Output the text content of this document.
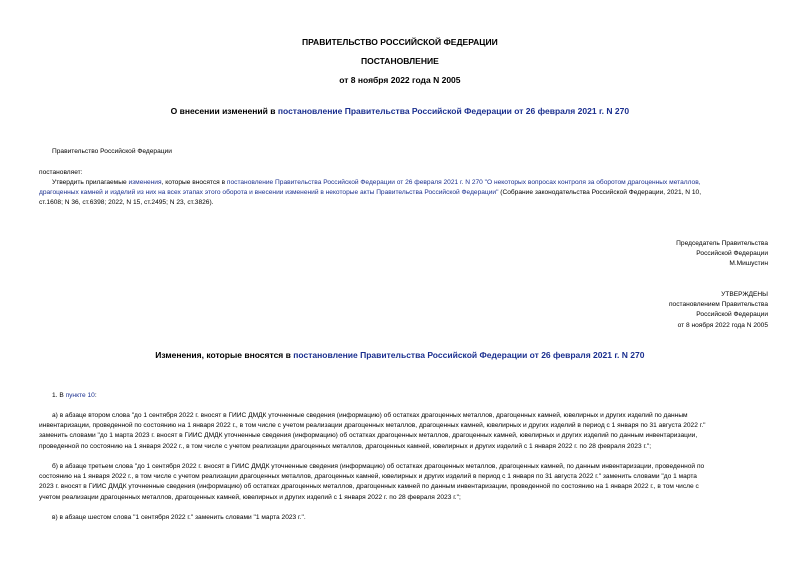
ПРАВИТЕЛЬСТВО РОССИЙСКОЙ ФЕДЕРАЦИИ
ПОСТАНОВЛЕНИЕ
от 8 ноября 2022 года N 2005
О внесении изменений в постановление Правительства Российской Федерации от 26 февраля 2021 г. N 270
Правительство Российской Федерации
постановляет:
Утвердить прилагаемые изменения, которые вносятся в постановление Правительства Российской Федерации от 26 февраля 2021 г. N 270 "О некоторых вопросах контроля за оборотом драгоценных металлов,
драгоценных камней и изделий из них на всех этапах этого оборота и внесении изменений в некоторые акты Правительства Российской Федерации" (Собрание законодательства Российской Федерации, 2021, N 10,
ст.1608; N 36, ст.6398; 2022, N 15, ст.2495; N 23, ст.3826).
Председатель Правительства
Российской Федерации
М.Мишустин
УТВЕРЖДЕНЫ
постановлением Правительства
Российской Федерации
от 8 ноября 2022 года N 2005
Изменения, которые вносятся в постановление Правительства Российской Федерации от 26 февраля 2021 г. N 270
1. В пункте 10:
а) в абзаце втором слова "до 1 сентября 2022 г. вносят в ГИИС ДМДК уточненные сведения (информацию) об остатках драгоценных металлов, драгоценных камней, ювелирных и других изделий по данным
инвентаризации, проведенной по состоянию на 1 января 2022 г., в том числе с учетом реализации драгоценных металлов, драгоценных камней, ювелирных и других изделий в период с 1 января по 31 августа 2022 г."
заменить словами "до 1 марта 2023 г. вносят в ГИИС ДМДК уточненные сведения (информацию) об остатках драгоценных металлов, драгоценных камней, ювелирных и других изделий по данным инвентаризации,
проведенной по состоянию на 1 января 2022 г., в том числе с учетом реализации драгоценных металлов, драгоценных камней, ювелирных и других изделий с 1 января 2022 г. по 28 февраля 2023 г.";
б) в абзаце третьем слова "до 1 сентября 2022 г. вносят в ГИИС ДМДК уточненные сведения (информацию) об остатках драгоценных металлов, драгоценных камней, по данным инвентаризации, проведенной по
состоянию на 1 января 2022 г., в том числе с учетом реализации драгоценных металлов, драгоценных камней, ювелирных и других изделий в период с 1 января по 31 августа 2022 г." заменить словами "до 1 марта
2023 г. вносят в ГИИС ДМДК уточненные сведения (информацию) об остатках драгоценных металлов, драгоценных камней по данным инвентаризации, проведенной по состоянию на 1 января 2022 г., в том числе с
учетом реализации драгоценных металлов, драгоценных камней, ювелирных и других изделий с 1 января 2022 г. по 28 февраля 2023 г.";
в) в абзаце шестом слова "1 сентября 2022 г." заменить словами "1 марта 2023 г.".
